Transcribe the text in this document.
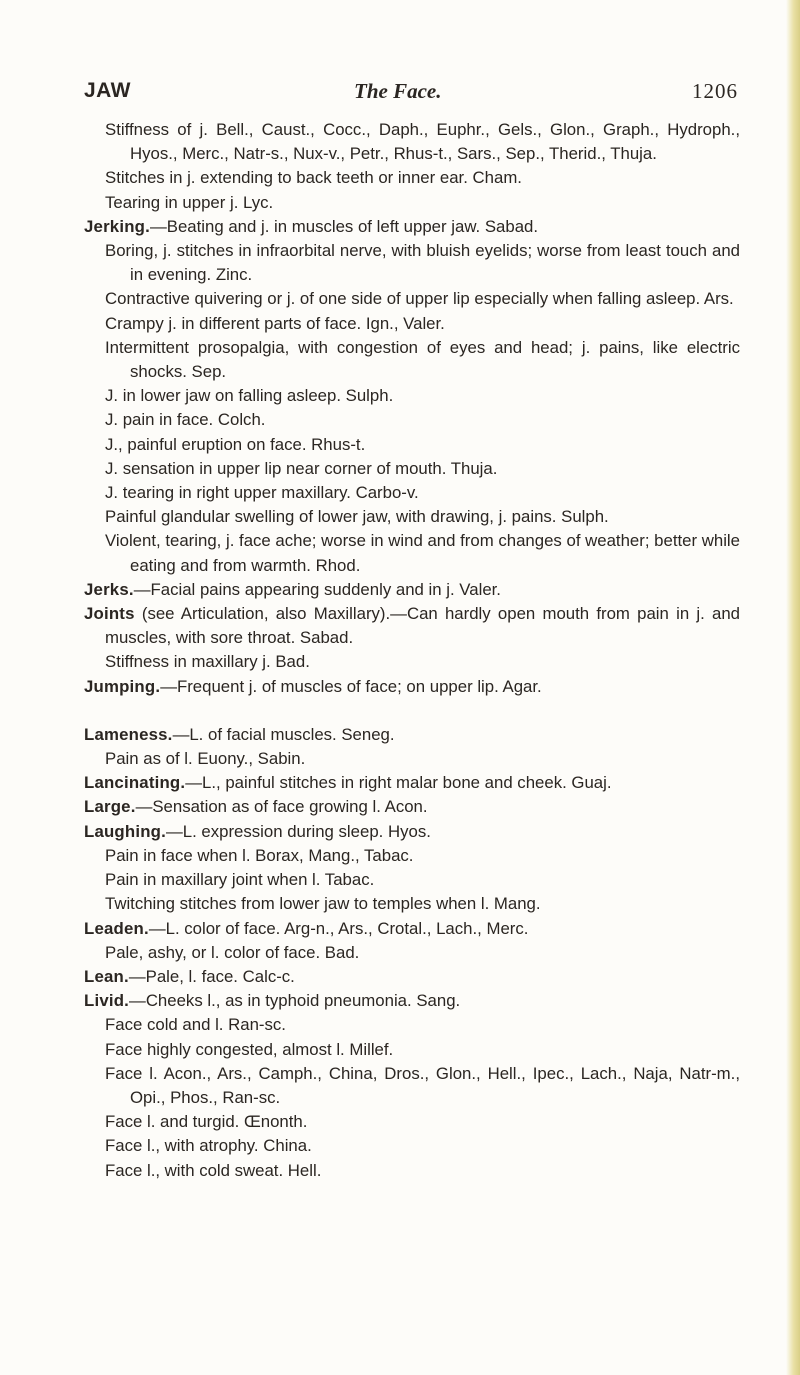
JAW	The Face.	1206

Stiffness of j. Bell., Caust., Cocc., Daph., Euphr., Gels., Glon., Graph., Hydroph., Hyos., Merc., Natr-s., Nux-v., Petr., Rhus-t., Sars., Sep., Therid., Thuja.

Stitches in j. extending to back teeth or inner ear. Cham.

Tearing in upper j. Lyc.

Jerking.—Beating and j. in muscles of left upper jaw. Sabad.

Boring, j. stitches in infraorbital nerve, with bluish eyelids; worse from least touch and in evening. Zinc.

Contractive quivering or j. of one side of upper lip especially when falling asleep. Ars.

Crampy j. in different parts of face. Ign., Valer.

Intermittent prosopalgia, with congestion of eyes and head; j. pains, like electric shocks. Sep.

J. in lower jaw on falling asleep. Sulph.

J. pain in face. Colch.

J., painful eruption on face. Rhus-t.

J. sensation in upper lip near corner of mouth. Thuja.

J. tearing in right upper maxillary. Carbo-v.

Painful glandular swelling of lower jaw, with drawing, j. pains. Sulph.

Violent, tearing, j. face ache; worse in wind and from changes of weather; better while eating and from warmth. Rhod.

Jerks.—Facial pains appearing suddenly and in j. Valer.

Joints (see Articulation, also Maxillary).—Can hardly open mouth from pain in j. and muscles, with sore throat. Sabad.

Stiffness in maxillary j. Bad.

Jumping.—Frequent j. of muscles of face; on upper lip. Agar.

Lameness.—L. of facial muscles. Seneg.

Pain as of l. Euony., Sabin.

Lancinating.—L., painful stitches in right malar bone and cheek. Guaj.

Large.—Sensation as of face growing l. Acon.

Laughing.—L. expression during sleep. Hyos.

Pain in face when l. Borax, Mang., Tabac.

Pain in maxillary joint when l. Tabac.

Twitching stitches from lower jaw to temples when l. Mang.

Leaden.—L. color of face. Arg-n., Ars., Crotal., Lach., Merc.

Pale, ashy, or l. color of face. Bad.

Lean.—Pale, l. face. Calc-c.

Livid.—Cheeks l., as in typhoid pneumonia. Sang.

Face cold and l. Ran-sc.

Face highly congested, almost l. Millef.

Face l. Acon., Ars., Camph., China, Dros., Glon., Hell., Ipec., Lach., Naja, Natr-m., Opi., Phos., Ran-sc.

Face l. and turgid. Œnonth.

Face l., with atrophy. China.

Face l., with cold sweat. Hell.
